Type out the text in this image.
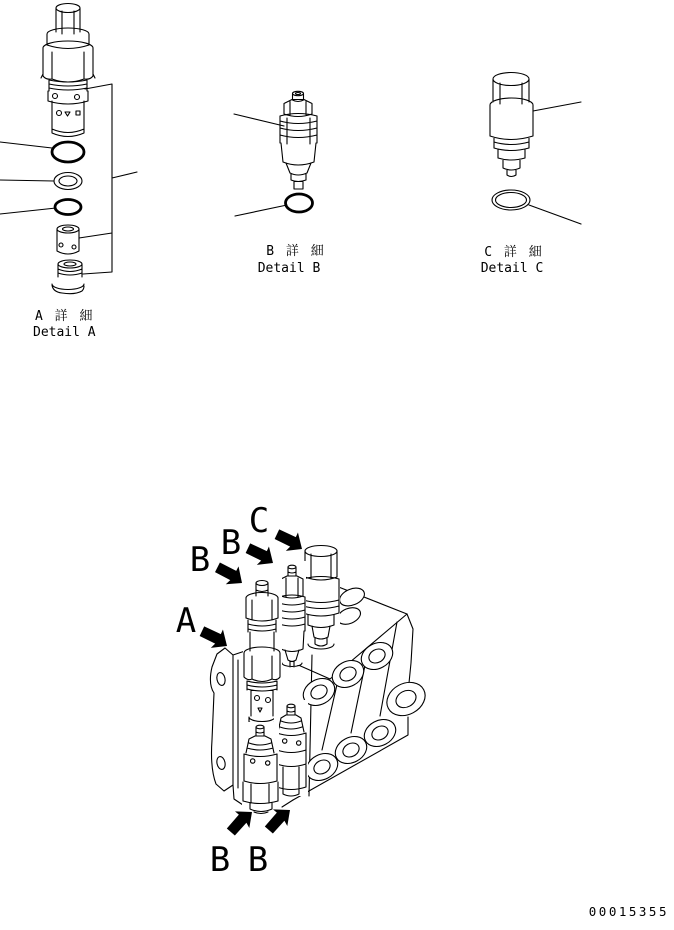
A 詳 細
Detail A
B 詳 細
Detail B
C 詳 細
Detail C
C
B
B
A
B B
00015355
